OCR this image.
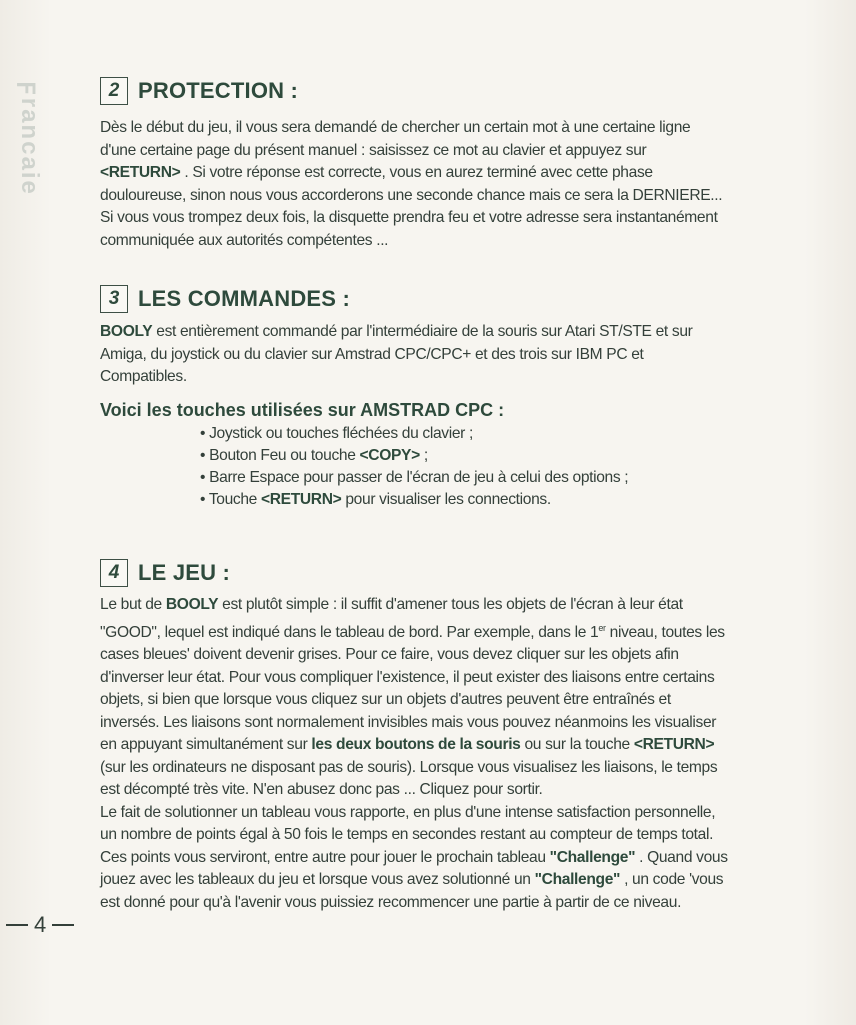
ǝᴉɐɔuɐɹℲ	2 PROTECTION :

Dès le début du jeu, il vous sera demandé de chercher un certain mot à une certaine ligne d'une certaine page du présent manuel : saisissez ce mot au clavier et appuyez sur <RETURN> . Si votre réponse est correcte, vous en aurez terminé avec cette phase douloureuse, sinon nous vous accorderons une seconde chance mais ce sera la DERNIERE... Si vous vous trompez deux fois, la disquette prendra feu et votre adresse sera instantanément communiquée aux autorités compétentes ...

3 LES COMMANDES :

BOOLY est entièrement commandé par l'intermédiaire de la souris sur Atari ST/STE et sur Amiga, du joystick ou du clavier sur Amstrad CPC/CPC+ et des trois sur IBM PC et Compatibles.

Voici les touches utilisées sur AMSTRAD CPC :
• Joystick ou touches fléchées du clavier ;
• Bouton Feu ou touche <COPY> ;
• Barre Espace pour passer de l'écran de jeu à celui des options ;
• Touche <RETURN> pour visualiser les connections.
4 LE JEU :

Le but de BOOLY est plutôt simple : il suffit d'amener tous les objets de l'écran à leur état "GOOD", lequel est indiqué dans le tableau de bord. Par exemple, dans le 1er niveau, toutes les cases bleues' doivent devenir grises. Pour ce faire, vous devez cliquer sur les objets afin d'inverser leur état. Pour vous compliquer l'existence, il peut exister des liaisons entre certains objets, si bien que lorsque vous cliquez sur un objets d'autres peuvent être entraînés et inversés. Les liaisons sont normalement invisibles mais vous pouvez néanmoins les visualiser en appuyant simultanément sur les deux boutons de la souris ou sur la touche <RETURN> (sur les ordinateurs ne disposant pas de souris). Lorsque vous visualisez les liaisons, le temps est décompté très vite. N'en abusez donc pas ... Cliquez pour sortir.

Le fait de solutionner un tableau vous rapporte, en plus d'une intense satisfaction personnelle, un nombre de points égal à 50 fois le temps en secondes restant au compteur de temps total. Ces points vous serviront, entre autre pour jouer le prochain tableau "Challenge" . Quand vous jouez avec les tableaux du jeu et lorsque vous avez solutionné un "Challenge" , un code 'vous est donné pour qu'à l'avenir vous puissiez recommencer une partie à partir de ce niveau.

4
